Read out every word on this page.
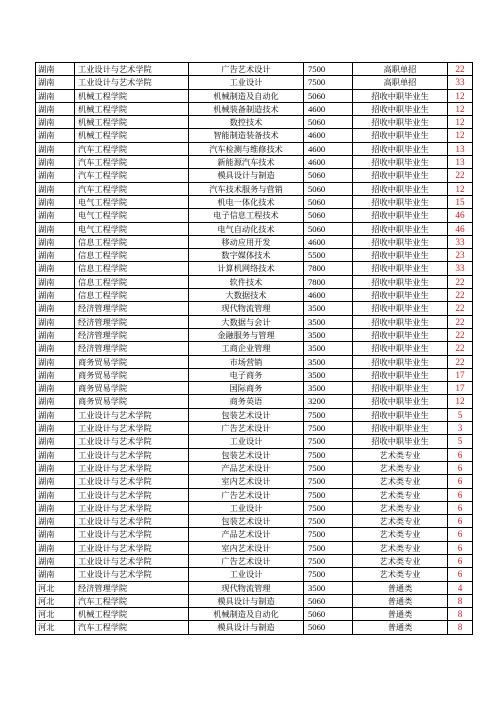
湖南	工业设计与艺术学院	广告艺术设计	7500	高职单招	22
湖南	工业设计与艺术学院	工业设计	7500	高职单招	33
湖南	机械工程学院	机械制造及自动化	5060	招收中职毕业生	12
湖南	机械工程学院	机械装备制造技术	4600	招收中职毕业生	12
湖南	机械工程学院	数控技术	5060	招收中职毕业生	12
湖南	机械工程学院	智能制造装备技术	4600	招收中职毕业生	12
湖南	汽车工程学院	汽车检测与维修技术	4600	招收中职毕业生	13
湖南	汽车工程学院	新能源汽车技术	4600	招收中职毕业生	13
湖南	汽车工程学院	模具设计与制造	5060	招收中职毕业生	22
湖南	汽车工程学院	汽车技术服务与营销	5060	招收中职毕业生	12
湖南	电气工程学院	机电一体化技术	5060	招收中职毕业生	15
湖南	电气工程学院	电子信息工程技术	5060	招收中职毕业生	46
湖南	电气工程学院	电气自动化技术	5060	招收中职毕业生	46
湖南	信息工程学院	移动应用开发	4600	招收中职毕业生	33
湖南	信息工程学院	数字媒体技术	5500	招收中职毕业生	23
湖南	信息工程学院	计算机网络技术	7800	招收中职毕业生	33
湖南	信息工程学院	软件技术	7800	招收中职毕业生	22
湖南	信息工程学院	大数据技术	4600	招收中职毕业生	22
湖南	经济管理学院	现代物流管理	3500	招收中职毕业生	22
湖南	经济管理学院	大数据与会计	3500	招收中职毕业生	22
湖南	经济管理学院	金融服务与管理	3500	招收中职毕业生	22
湖南	经济管理学院	工商企业管理	3500	招收中职毕业生	22
湖南	商务贸易学院	市场营销	3500	招收中职毕业生	22
湖南	商务贸易学院	电子商务	3500	招收中职毕业生	17
湖南	商务贸易学院	国际商务	3500	招收中职毕业生	17
湖南	商务贸易学院	商务英语	3200	招收中职毕业生	12
湖南	工业设计与艺术学院	包装艺术设计	7500	招收中职毕业生	5
湖南	工业设计与艺术学院	广告艺术设计	7500	招收中职毕业生	3
湖南	工业设计与艺术学院	工业设计	7500	招收中职毕业生	5
湖南	工业设计与艺术学院	包装艺术设计	7500	艺术类专业	6
湖南	工业设计与艺术学院	产品艺术设计	7500	艺术类专业	6
湖南	工业设计与艺术学院	室内艺术设计	7500	艺术类专业	6
湖南	工业设计与艺术学院	广告艺术设计	7500	艺术类专业	6
湖南	工业设计与艺术学院	工业设计	7500	艺术类专业	6
湖南	工业设计与艺术学院	包装艺术设计	7500	艺术类专业	6
湖南	工业设计与艺术学院	产品艺术设计	7500	艺术类专业	6
湖南	工业设计与艺术学院	室内艺术设计	7500	艺术类专业	6
湖南	工业设计与艺术学院	广告艺术设计	7500	艺术类专业	6
湖南	工业设计与艺术学院	工业设计	7500	艺术类专业	6
河北	经济管理学院	现代物流管理	3500	普通类	4
河北	汽车工程学院	模具设计与制造	5060	普通类	8
河北	机械工程学院	机械制造及自动化	5060	普通类	8
河北	汽车工程学院	模具设计与制造	5060	普通类	8
